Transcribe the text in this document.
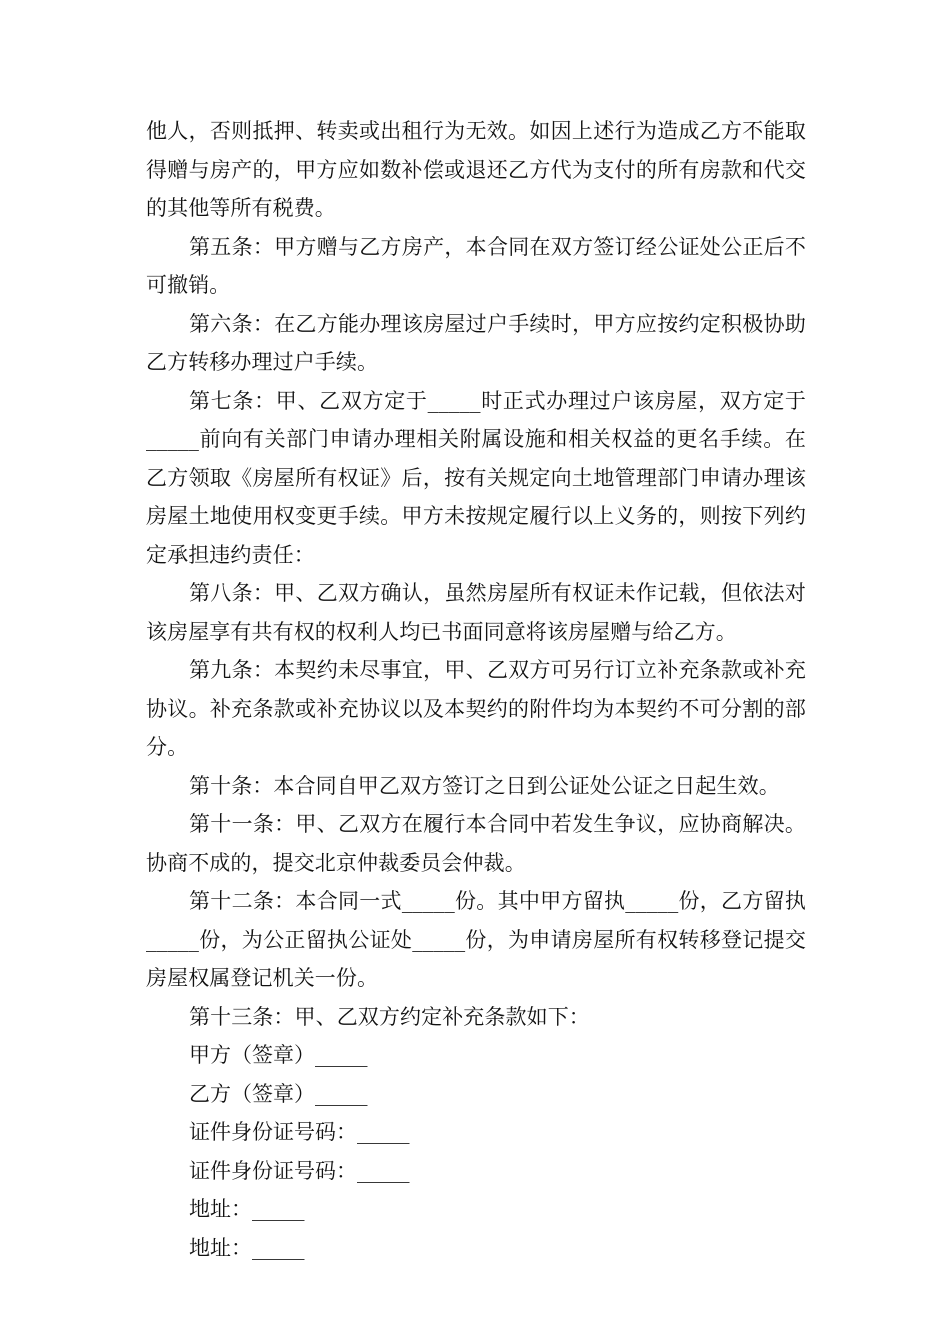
他人，否则抵押、转卖或出租行为无效。如因上述行为造成乙方不能取得赠与房产的，甲方应如数补偿或退还乙方代为支付的所有房款和代交的其他等所有税费。

第五条：甲方赠与乙方房产，本合同在双方签订经公证处公正后不可撤销。

第六条：在乙方能办理该房屋过户手续时，甲方应按约定积极协助乙方转移办理过户手续。

第七条：甲、乙双方定于_____时正式办理过户该房屋，双方定于_____前向有关部门申请办理相关附属设施和相关权益的更名手续。在乙方领取《房屋所有权证》后，按有关规定向土地管理部门申请办理该房屋土地使用权变更手续。甲方未按规定履行以上义务的，则按下列约定承担违约责任：

第八条：甲、乙双方确认，虽然房屋所有权证未作记载，但依法对该房屋享有共有权的权利人均已书面同意将该房屋赠与给乙方。

第九条：本契约未尽事宜，甲、乙双方可另行订立补充条款或补充协议。补充条款或补充协议以及本契约的附件均为本契约不可分割的部分。

第十条：本合同自甲乙双方签订之日到公证处公证之日起生效。

第十一条：甲、乙双方在履行本合同中若发生争议，应协商解决。协商不成的，提交北京仲裁委员会仲裁。

第十二条：本合同一式_____份。其中甲方留执_____份，乙方留执_____份，为公正留执公证处_____份，为申请房屋所有权转移登记提交房屋权属登记机关一份。

第十三条：甲、乙双方约定补充条款如下：

甲方（签章）_____

乙方（签章）_____

证件身份证号码：_____

证件身份证号码：_____

地址：_____

地址：_____
